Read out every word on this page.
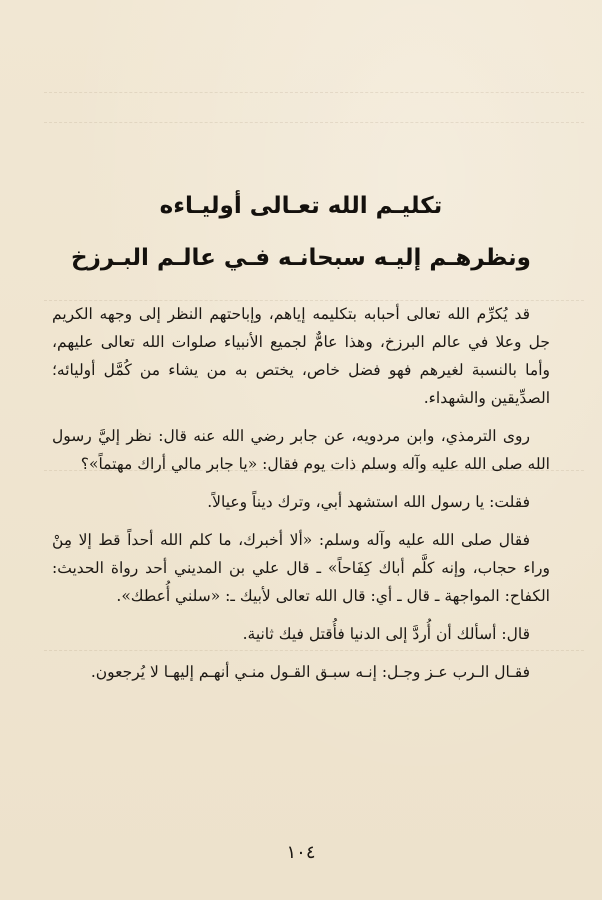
تكليـم الله تعـالى أوليـاءه
ونظرهـم إليـه سبحانـه فـي عالـم البـرزخ

قد يُكرِّم الله تعالى أحبابه بتكليمه إياهم، وإباحتهم النظر إلى وجهه الكريم جل وعلا في عالم البرزخ، وهذا عامٌّ لجميع الأنبياء صلوات الله تعالى عليهم، وأما بالنسبة لغيرهم فهو فضل خاص، يختص به من يشاء من كُمَّل أوليائه؛ الصدِّيقين والشهداء.

روى الترمذي، وابن مردويه، عن جابر رضي الله عنه قال: نظر إليَّ رسول الله صلى الله عليه وآله وسلم ذات يوم فقال: «يا جابر مالي أراك مهتماً»؟

فقلت: يا رسول الله استشهد أبي، وترك ديناً وعيالاً.

فقال صلى الله عليه وآله وسلم: «ألا أخبرك، ما كلم الله أحداً قط إلا مِنْ وراء حجاب، وإنه كلَّم أباك كِفَاحاً» ـ قال علي بن المديني أحد رواة الحديث: الكفاح: المواجهة ـ قال ـ أي: قال الله تعالى لأبيك ـ: «سلني أُعطك».

قال: أسألك أن أُردَّ إلى الدنيا فأُقتل فيك ثانية.

فقـال الـرب عـز وجـل: إنـه سبـق القـول منـي أنهـم إليهـا لا يُرجعون.

١٠٤
